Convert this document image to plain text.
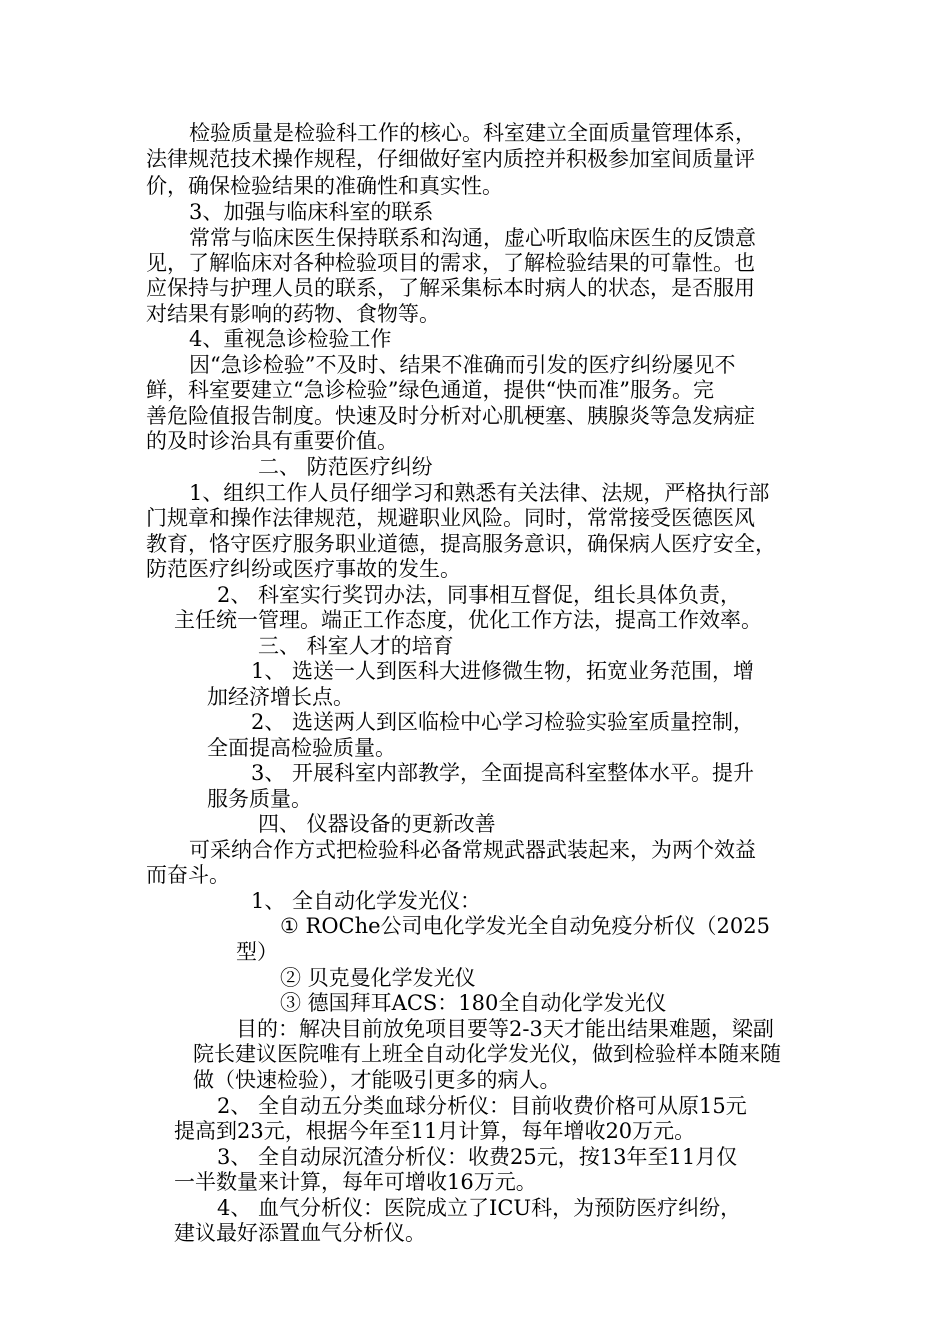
检验质量是检验科工作的核心。科室建立全面质量管理体系，

法律规范技术操作规程，仔细做好室内质控并积极参加室间质量评

价，确保检验结果的准确性和真实性。

3、加强与临床科室的联系

常常与临床医生保持联系和沟通，虚心听取临床医生的反馈意

见，了解临床对各种检验项目的需求，了解检验结果的可靠性。也

应保持与护理人员的联系，了解采集标本时病人的状态，是否服用

对结果有影响的药物、食物等。

4、重视急诊检验工作

因“急诊检验”不及时、结果不准确而引发的医疗纠纷屡见不

鲜，科室要建立“急诊检验”绿色通道，提供“快而准”服务。完

善危险值报告制度。快速及时分析对心肌梗塞、胰腺炎等急发病症

的及时诊治具有重要价值。

二、 防范医疗纠纷

1、组织工作人员仔细学习和熟悉有关法律、法规，严格执行部

门规章和操作法律规范，规避职业风险。同时，常常接受医德医风

教育，恪守医疗服务职业道德，提高服务意识，确保病人医疗安全，

防范医疗纠纷或医疗事故的发生。

2、 科室实行奖罚办法，同事相互督促，组长具体负责，

主任统一管理。端正工作态度，优化工作方法，提高工作效率。

三、 科室人才的培育

1、 选送一人到医科大进修微生物，拓宽业务范围，增

加经济增长点。

2、 选送两人到区临检中心学习检验实验室质量控制，

全面提高检验质量。

3、 开展科室内部教学，全面提高科室整体水平。提升

服务质量。

四、 仪器设备的更新改善

可采纳合作方式把检验科必备常规武器武装起来，为两个效益

而奋斗。

1、 全自动化学发光仪：

① ROChe公司电化学发光全自动免疫分析仪（2025

型）

② 贝克曼化学发光仪

③ 德国拜耳ACS：180全自动化学发光仪

目的：解决目前放免项目要等2-3天才能出结果难题，梁副

院长建议医院唯有上班全自动化学发光仪，做到检验样本随来随

做（快速检验），才能吸引更多的病人。

2、 全自动五分类血球分析仪：目前收费价格可从原15元

提高到23元，根据今年至11月计算，每年增收20万元。

3、 全自动尿沉渣分析仪：收费25元，按13年至11月仅

一半数量来计算，每年可增收16万元。

4、 血气分析仪：医院成立了ICU科，为预防医疗纠纷，

建议最好添置血气分析仪。
